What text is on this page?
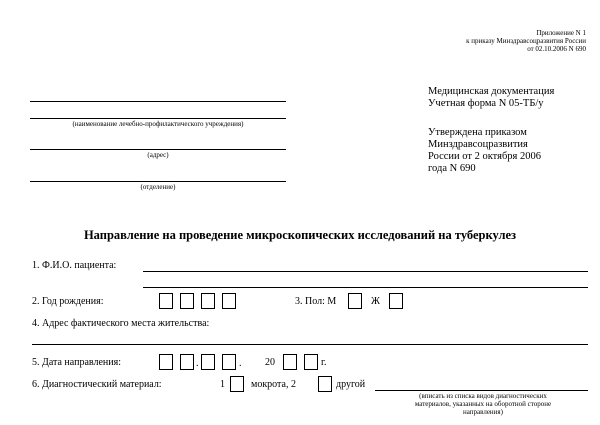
Приложение N 1
к приказу Минздравсоцразвития России
от 02.10.2006 N 690
Медицинская документация
Учетная форма N 05-ТБ/у
Утверждена приказом
Минздравсоцразвития
России от 2 октября 2006
года N 690
(наименование лечебно-профилактического учреждения)
(адрес)
(отделение)
Направление на проведение микроскопических исследований на туберкулез
1. Ф.И.О. пациента:
2. Год рождения:	3. Пол: М	Ж
4. Адрес фактического места жительства:
5. Дата направления:	.	. 20	г.
6. Диагностический материал:	1	мокрота, 2	другой
(вписать из списка видов диагностических
материалов, указанных на оборотной стороне
направления)
